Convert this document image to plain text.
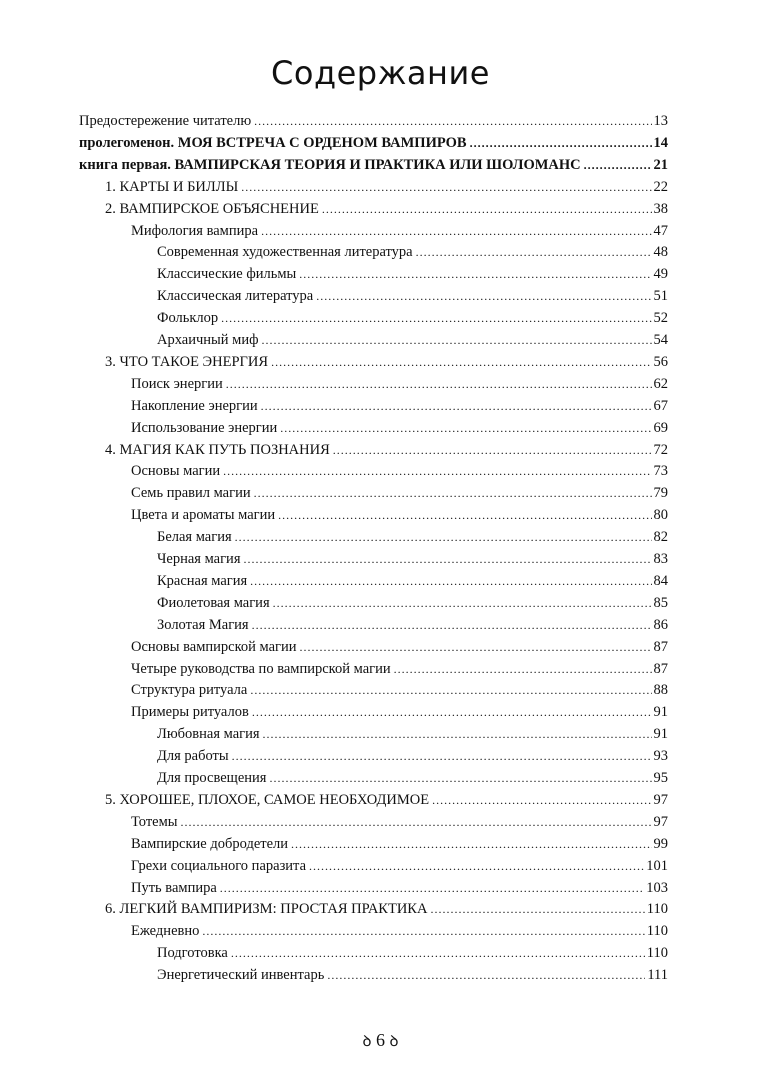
Содержание
Предостережение читателю .....	13
пролегоменон. МОЯ ВСТРЕЧА С ОРДЕНОМ ВАМПИРОВ .....	14
книга первая. ВАМПИРСКАЯ ТЕОРИЯ И ПРАКТИКА ИЛИ ШОЛОМАНС .....	21
1. КАРТЫ И БИЛЛЫ .....	22
2. ВАМПИРСКОЕ ОБЪЯСНЕНИЕ .....	38
Мифология вампира .....	47
Современная художественная литература .....	48
Классические фильмы .....	49
Классическая литература .....	51
Фольклор .....	52
Архаичный миф .....	54
3. ЧТО ТАКОЕ ЭНЕРГИЯ .....	56
Поиск энергии .....	62
Накопление энергии .....	67
Использование энергии .....	69
4. МАГИЯ КАК ПУТЬ ПОЗНАНИЯ .....	72
Основы магии .....	73
Семь правил магии .....	79
Цвета и ароматы магии .....	80
Белая магия .....	82
Черная магия .....	83
Красная магия .....	84
Фиолетовая магия .....	85
Золотая Магия .....	86
Основы вампирской магии .....	87
Четыре руководства по вампирской магии .....	87
Структура ритуала .....	88
Примеры ритуалов .....	91
Любовная магия .....	91
Для работы .....	93
Для просвещения .....	95
5. ХОРОШЕЕ, ПЛОХОЕ, САМОЕ НЕОБХОДИМОЕ .....	97
Тотемы .....	97
Вампирские добродетели .....	99
Грехи социального паразита .....	101
Путь вампира .....	103
6. ЛЕГКИЙ ВАМПИРИЗМ: ПРОСТАЯ ПРАКТИКА .....	110
Ежедневно .....	110
Подготовка .....	110
Энергетический инвентарь .....	111
ꝺ 6 ꝺ
